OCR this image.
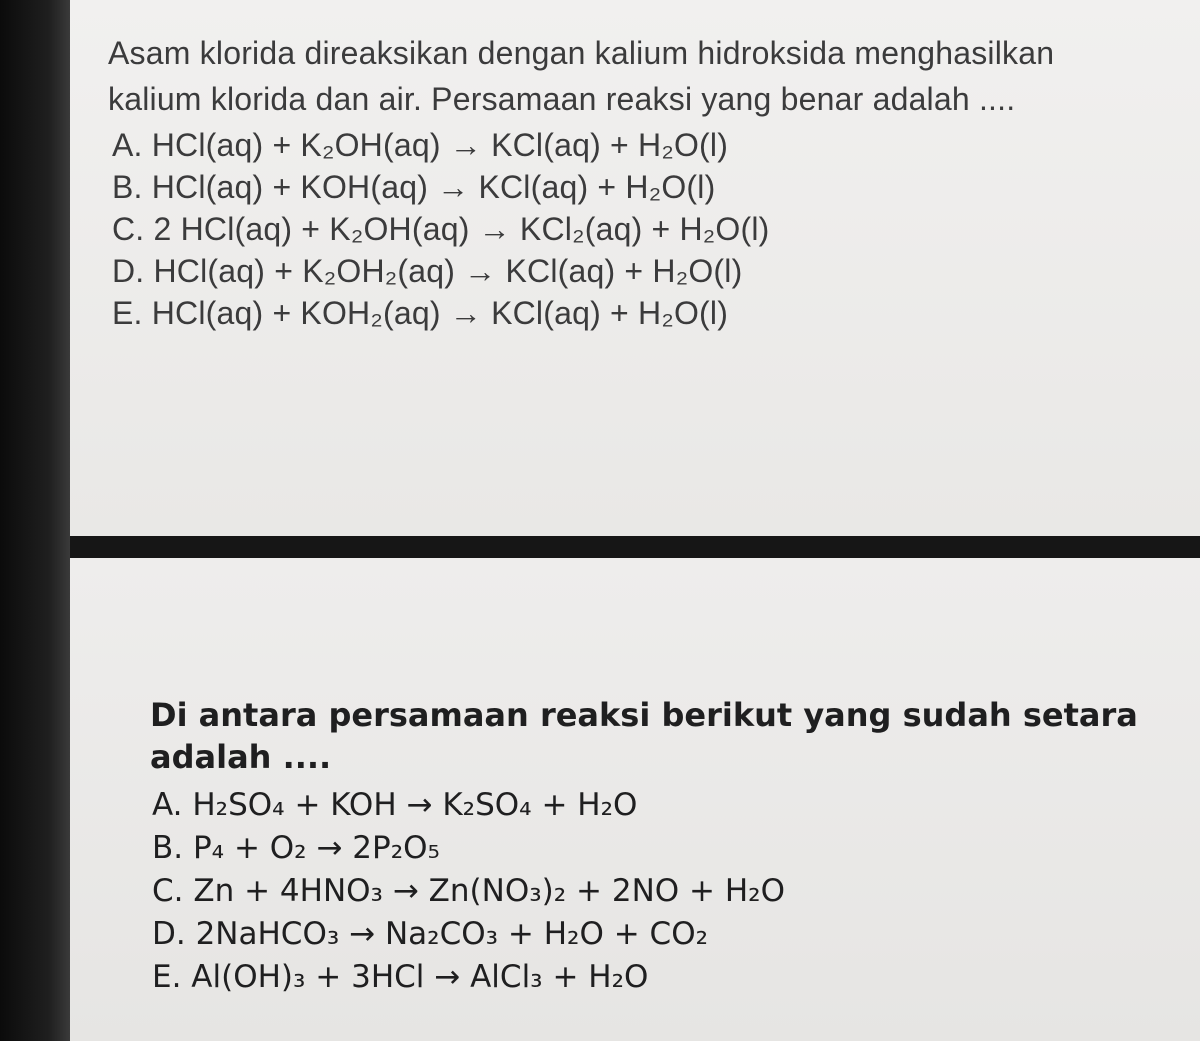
Asam klorida direaksikan dengan kalium hidroksida menghasilkan kalium klorida dan air. Persamaan reaksi yang benar adalah ....

A. HCl(aq) + K₂OH(aq) → KCl(aq) + H₂O(l)
B. HCl(aq) + KOH(aq) → KCl(aq) + H₂O(l)
C. 2 HCl(aq) + K₂OH(aq) → KCl₂(aq) + H₂O(l)
D. HCl(aq) + K₂OH₂(aq) → KCl(aq) + H₂O(l)
E. HCl(aq) + KOH₂(aq) → KCl(aq) + H₂O(l)

Di antara persamaan reaksi berikut yang sudah setara adalah ....

A. H₂SO₄ + KOH → K₂SO₄ + H₂O
B. P₄ + O₂ → 2P₂O₅
C. Zn + 4HNO₃ → Zn(NO₃)₂ + 2NO + H₂O
D. 2NaHCO₃ → Na₂CO₃ + H₂O + CO₂
E. Al(OH)₃ + 3HCl → AlCl₃ + H₂O
